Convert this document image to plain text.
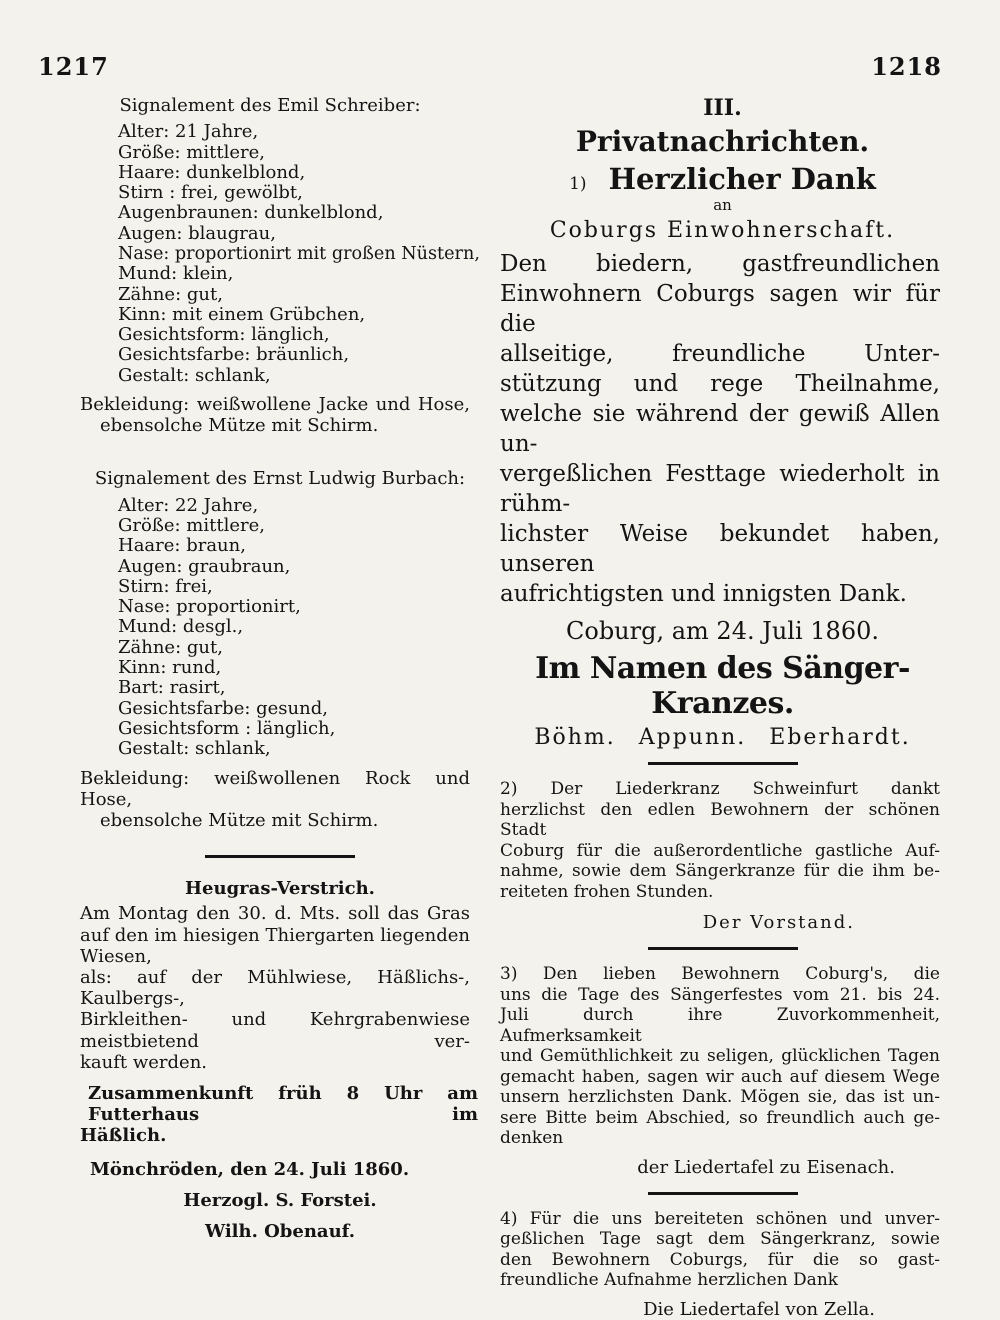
1217	1218
Signalement des Emil Schreiber:
Alter: 21 Jahre,
Größe: mittlere,
Haare: dunkelblond,
Stirn : frei, gewölbt,
Augenbraunen: dunkelblond,
Augen: blaugrau,
Nase: proportionirt mit großen Nüstern,
Mund: klein,
Zähne: gut,
Kinn: mit einem Grübchen,
Gesichtsform: länglich,
Gesichtsfarbe: bräunlich,
Gestalt: schlank,
Bekleidung: weißwollene Jacke und Hose,
ebensolche Mütze mit Schirm.
Signalement des Ernst Ludwig Burbach:
Alter: 22 Jahre,
Größe: mittlere,
Haare: braun,
Augen: graubraun,
Stirn: frei,
Nase: proportionirt,
Mund: desgl.,
Zähne: gut,
Kinn: rund,
Bart: rasirt,
Gesichtsfarbe: gesund,
Gesichtsform : länglich,
Gestalt: schlank,
Bekleidung: weißwollenen Rock und Hose,
ebensolche Mütze mit Schirm.
Heugras-Verstrich.
Am Montag den 30. d. Mts. soll das Gras
auf den im hiesigen Thiergarten liegenden Wiesen,
als: auf der Mühlwiese, Häßlichs-, Kaulbergs-,
Birkleithen- und Kehrgrabenwiese meistbietend ver-
kauft werden.
Zusammenkunft früh 8 Uhr am Futterhaus im
Häßlich.
Mönchröden, den 24. Juli 1860.
Herzogl. S. Forstei.
Wilh. Obenauf.
III.
Privatnachrichten.
1) Herzlicher Dank
an
Coburgs Einwohnerschaft.
Den biedern, gastfreundlichen
Einwohnern Coburgs sagen wir für die
allseitige, freundliche Unter-
stützung und rege Theilnahme,
welche sie während der gewiß Allen un-
vergeßlichen Festtage wiederholt in rühm-
lichster Weise bekundet haben, unseren
aufrichtigsten und innigsten Dank.
Coburg, am 24. Juli 1860.
Im Namen des Sänger-Kranzes.
Böhm. Appunn. Eberhardt.
2) Der Liederkranz Schweinfurt dankt
herzlichst den edlen Bewohnern der schönen Stadt
Coburg für die außerordentliche gastliche Auf-
nahme, sowie dem Sängerkranze für die ihm be-
reiteten frohen Stunden.
Der Vorstand.
3) Den lieben Bewohnern Coburg's, die
uns die Tage des Sängerfestes vom 21. bis 24.
Juli durch ihre Zuvorkommenheit, Aufmerksamkeit
und Gemüthlichkeit zu seligen, glücklichen Tagen
gemacht haben, sagen wir auch auf diesem Wege
unsern herzlichsten Dank. Mögen sie, das ist un-
sere Bitte beim Abschied, so freundlich auch ge-
denken
der Liedertafel zu Eisenach.
4) Für die uns bereiteten schönen und unver-
geßlichen Tage sagt dem Sängerkranz, sowie
den Bewohnern Coburgs, für die so gast-
freundliche Aufnahme herzlichen Dank
Die Liedertafel von Zella.
